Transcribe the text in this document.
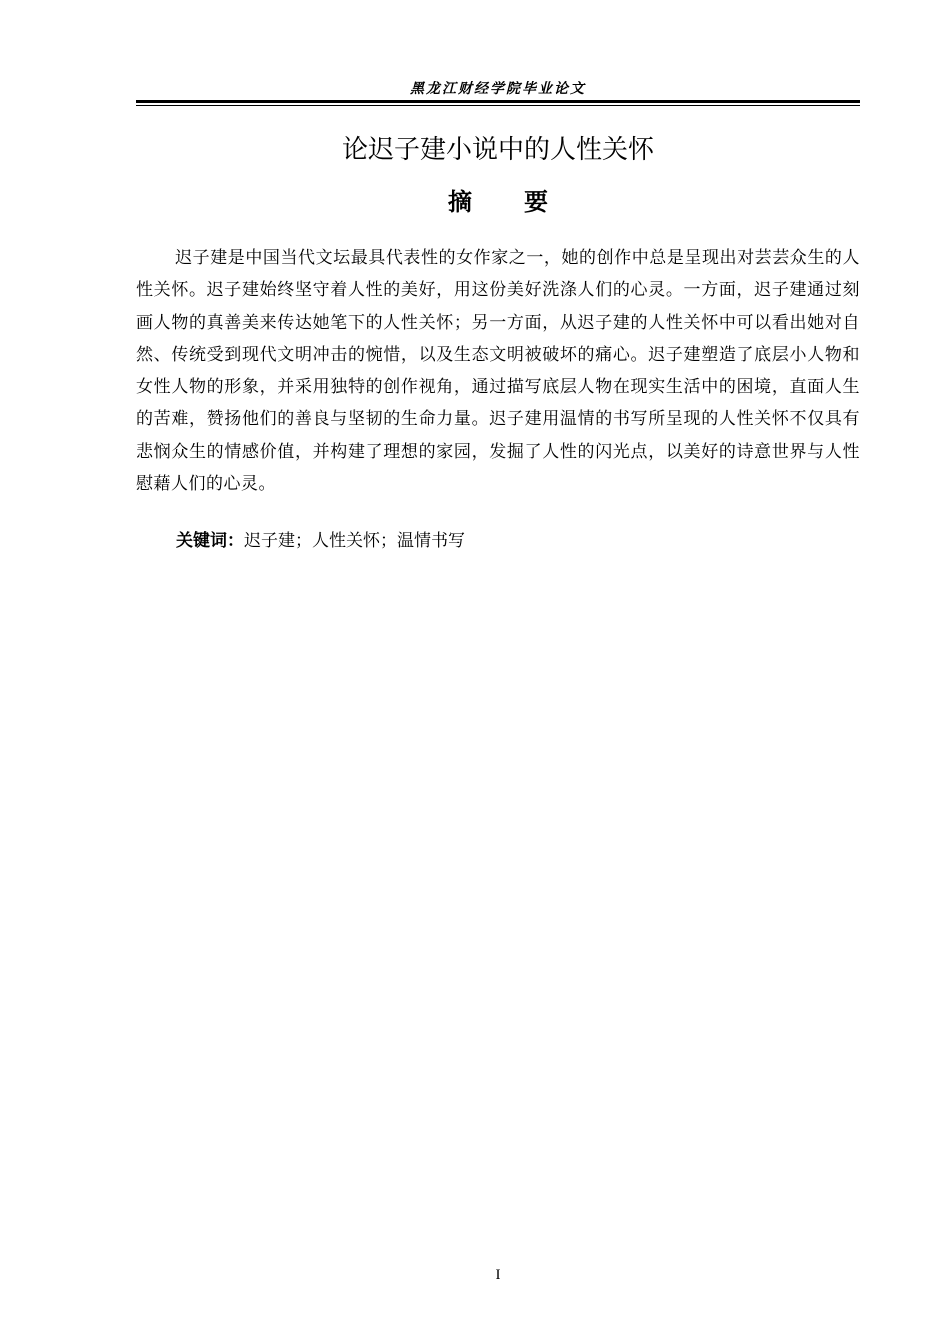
黑龙江财经学院毕业论文
论迟子建小说中的人性关怀
摘 要

迟子建是中国当代文坛最具代表性的女作家之一，她的创作中总是呈现出对芸芸众生的人性关怀。迟子建始终坚守着人性的美好，用这份美好洗涤人们的心灵。一方面，迟子建通过刻画人物的真善美来传达她笔下的人性关怀；另一方面，从迟子建的人性关怀中可以看出她对自然、传统受到现代文明冲击的惋惜，以及生态文明被破坏的痛心。迟子建塑造了底层小人物和女性人物的形象，并采用独特的创作视角，通过描写底层人物在现实生活中的困境，直面人生的苦难，赞扬他们的善良与坚韧的生命力量。迟子建用温情的书写所呈现的人性关怀不仅具有悲悯众生的情感价值，并构建了理想的家园，发掘了人性的闪光点，以美好的诗意世界与人性慰藉人们的心灵。

关键词：迟子建；人性关怀；温情书写
I
